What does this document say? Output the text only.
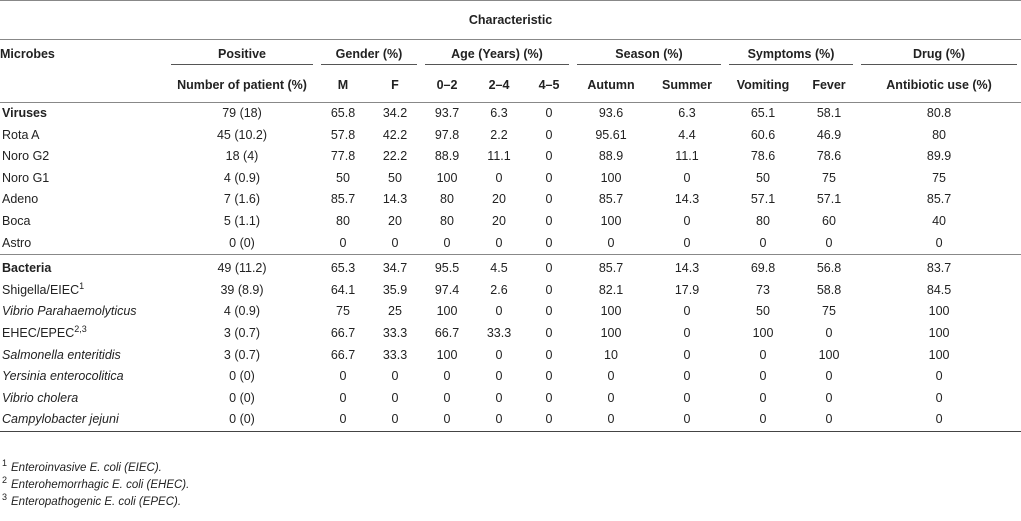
Characteristic											
Microbes	Positive	Gender (%)		Age (Years) (%)			Season (%)		Symptoms (%)		Drug (%)
	Number of patient (%)	M	F	0–2	2–4	4–5	Autumn	Summer	Vomiting	Fever	Antibiotic use (%)
Viruses	79 (18)	65.8	34.2	93.7	6.3	0	93.6	6.3	65.1	58.1	80.8
Rota A	45 (10.2)	57.8	42.2	97.8	2.2	0	95.61	4.4	60.6	46.9	80
Noro G2	18 (4)	77.8	22.2	88.9	11.1	0	88.9	11.1	78.6	78.6	89.9
Noro G1	4 (0.9)	50	50	100	0	0	100	0	50	75	75
Adeno	7 (1.6)	85.7	14.3	80	20	0	85.7	14.3	57.1	57.1	85.7
Boca	5 (1.1)	80	20	80	20	0	100	0	80	60	40
Astro	0 (0)	0	0	0	0	0	0	0	0	0	0
Bacteria	49 (11.2)	65.3	34.7	95.5	4.5	0	85.7	14.3	69.8	56.8	83.7
Shigella/EIEC$^1$	39 (8.9)	64.1	35.9	97.4	2.6	0	82.1	17.9	73	58.8	84.5
Vibrio Parahaemolyticus	4 (0.9)	75	25	100	0	0	100	0	50	75	100
EHEC/EPEC$^{2,3}$	3 (0.7)	66.7	33.3	66.7	33.3	0	100	0	100	0	100
Salmonella enteritidis	3 (0.7)	66.7	33.3	100	0	0	10	0	0	100	100
Yersinia enterocolitica	0 (0)	0	0	0	0	0	0	0	0	0	0
Vibrio cholera	0 (0)	0	0	0	0	0	0	0	0	0	0
Campylobacter jejuni	0 (0)	0	0	0	0	0	0	0	0	0	0
$^1$ Enteroinvasive E. coli (EIEC).
$^2$ Enterohemorrhagic E. coli (EHEC).
$^3$ Enteropathogenic E. coli (EPEC).
